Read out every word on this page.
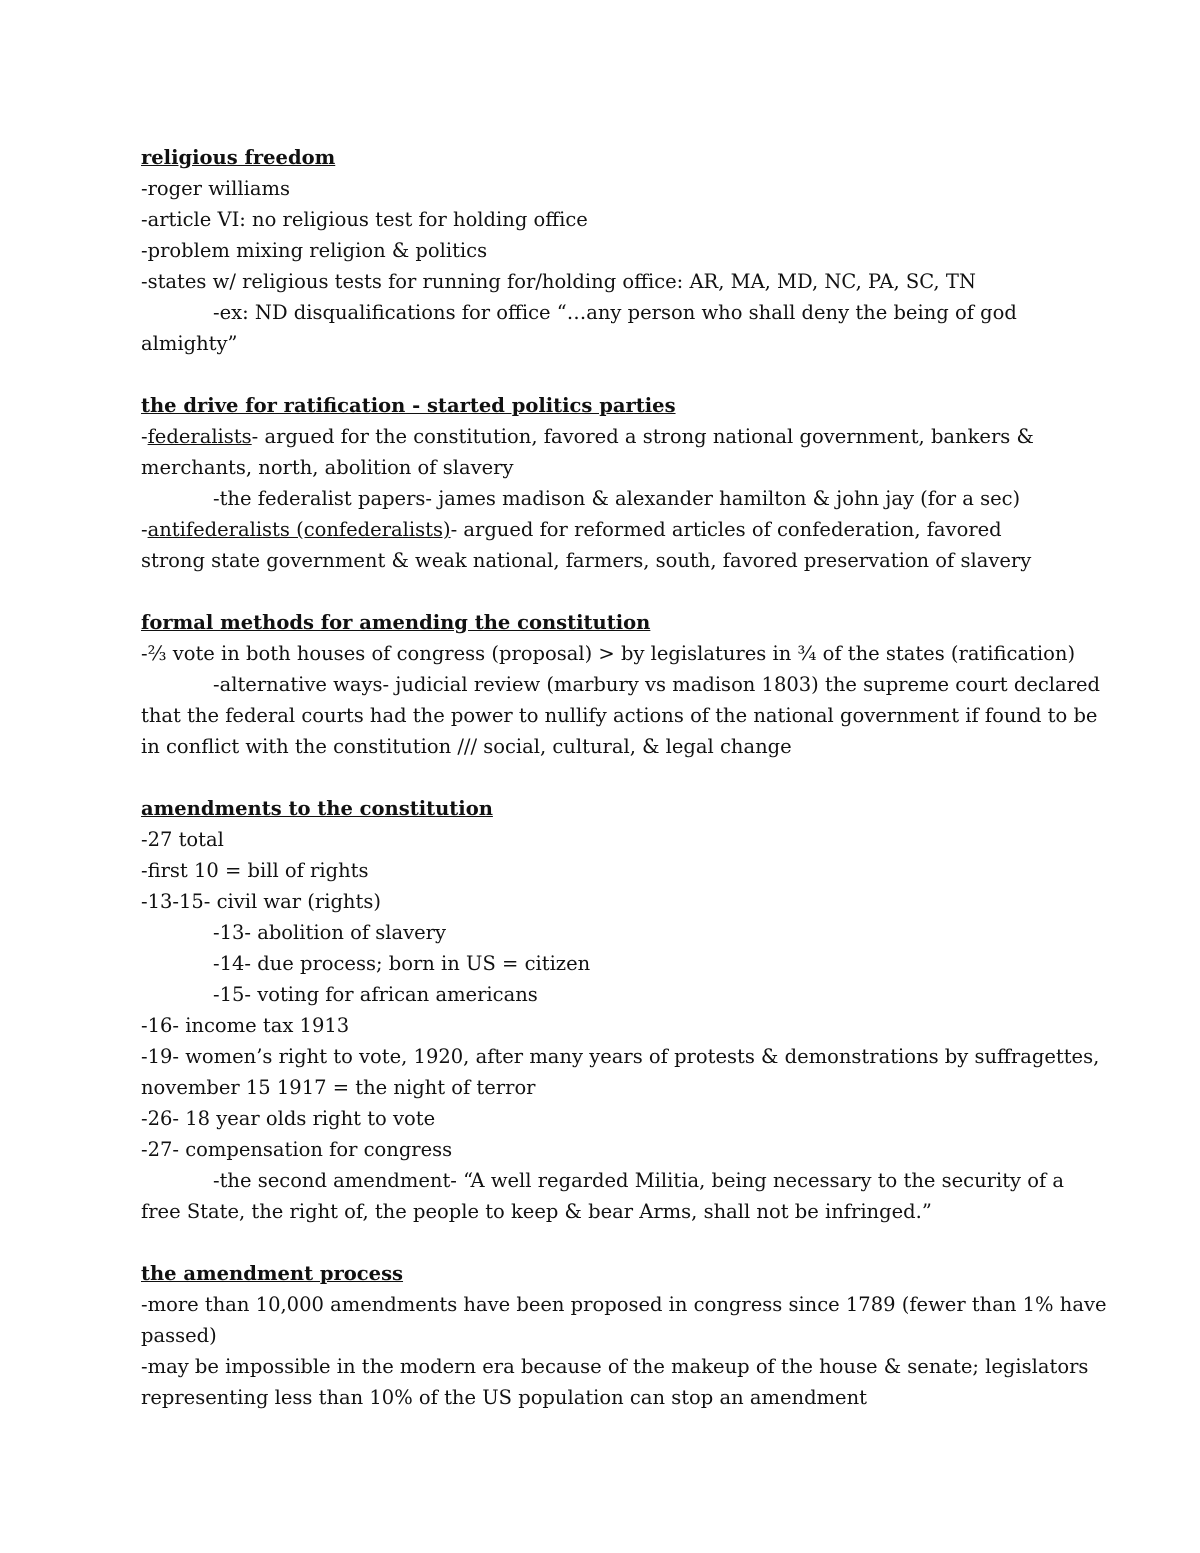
religious freedom
-roger williams
-article VI: no religious test for holding office
-problem mixing religion & politics
-states w/ religious tests for running for/holding office: AR, MA, MD, NC, PA, SC, TN
-ex: ND disqualifications for office “…any person who shall deny the being of god
almighty”
the drive for ratification - started politics parties
-federalists- argued for the constitution, favored a strong national government, bankers & merchants, north, abolition of slavery
-the federalist papers- james madison & alexander hamilton & john jay (for a sec)
-antifederalists (confederalists)- argued for reformed articles of confederation, favored strong state government & weak national, farmers, south, favored preservation of slavery
formal methods for amending the constitution
-⅔ vote in both houses of congress (proposal) > by legislatures in ¾ of the states (ratification)
-alternative ways- judicial review (marbury vs madison 1803) the supreme court declared
that the federal courts had the power to nullify actions of the national government if found to be
in conflict with the constitution /// social, cultural, & legal change
amendments to the constitution
-27 total
-first 10 = bill of rights
-13-15- civil war (rights)
-13- abolition of slavery
-14- due process; born in US = citizen
-15- voting for african americans
-16- income tax 1913
-19- women’s right to vote, 1920, after many years of protests & demonstrations by suffragettes,
november 15 1917 = the night of terror
-26- 18 year olds right to vote
-27- compensation for congress
-the second amendment- “A well regarded Militia, being necessary to the security of a
free State, the right of, the people to keep & bear Arms, shall not be infringed.”
the amendment process
-more than 10,000 amendments have been proposed in congress since 1789 (fewer than 1% have
passed)
-may be impossible in the modern era because of the makeup of the house & senate; legislators
representing less than 10% of the US population can stop an amendment
